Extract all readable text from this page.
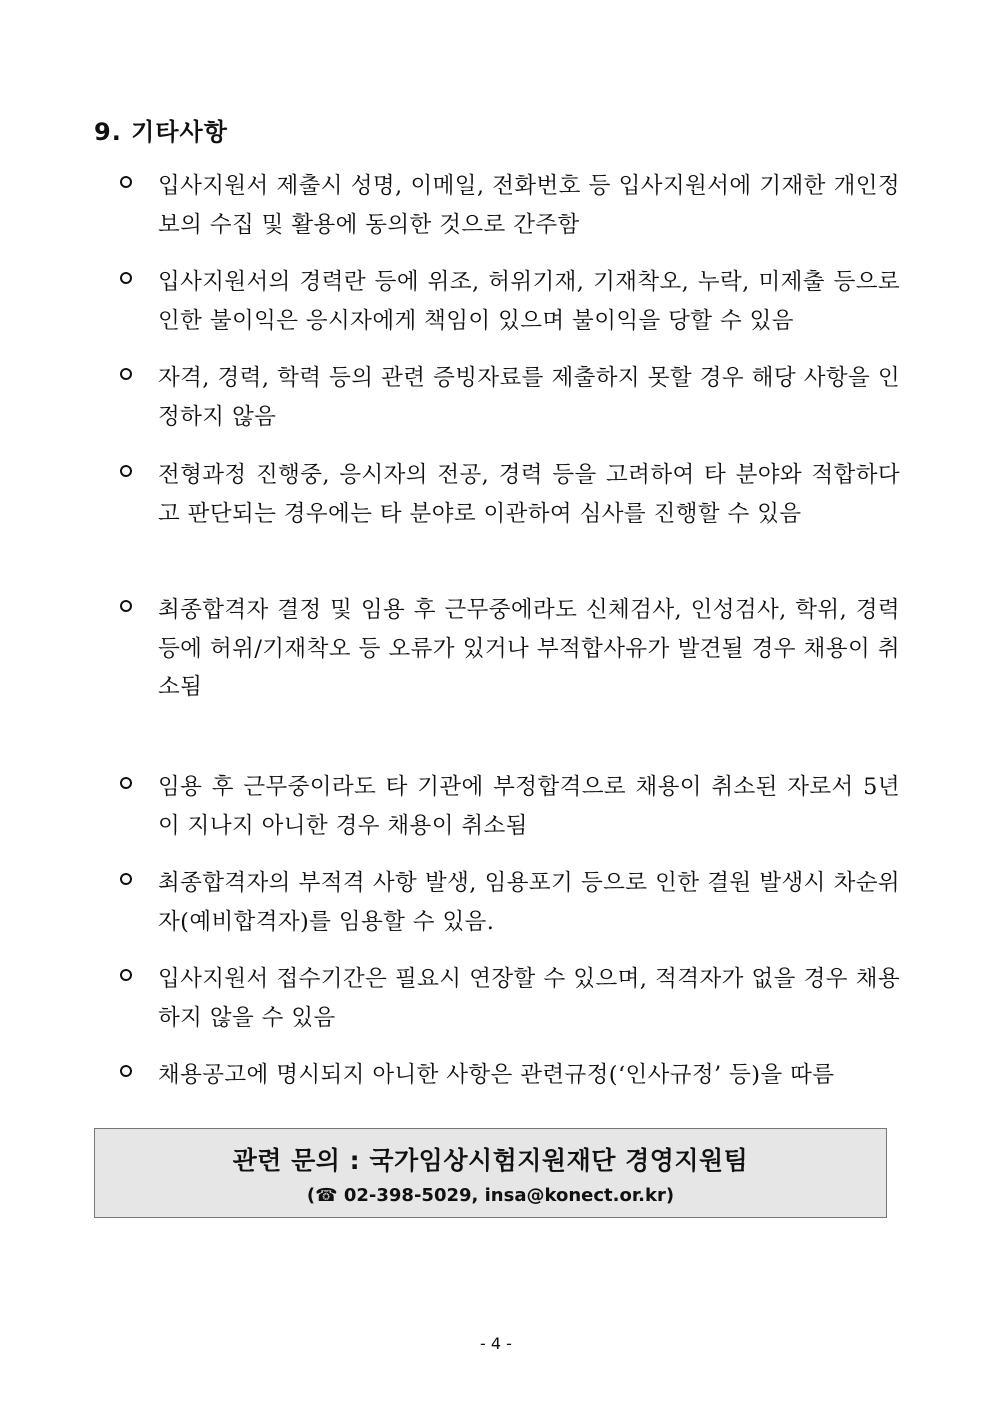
9. 기타사항
입사지원서 제출시 성명, 이메일, 전화번호 등 입사지원서에 기재한 개인정보의 수집 및 활용에 동의한 것으로 간주함
입사지원서의 경력란 등에 위조, 허위기재, 기재착오, 누락, 미제출 등으로 인한 불이익은 응시자에게 책임이 있으며 불이익을 당할 수 있음
자격, 경력, 학력 등의 관련 증빙자료를 제출하지 못할 경우 해당 사항을 인정하지 않음
전형과정 진행중, 응시자의 전공, 경력 등을 고려하여 타 분야와 적합하다고 판단되는 경우에는 타 분야로 이관하여 심사를 진행할 수 있음
최종합격자 결정 및 임용 후 근무중에라도 신체검사, 인성검사, 학위, 경력 등에 허위/기재착오 등 오류가 있거나 부적합사유가 발견될 경우 채용이 취소됨
임용 후 근무중이라도 타 기관에 부정합격으로 채용이 취소된 자로서 5년이 지나지 아니한 경우 채용이 취소됨
최종합격자의 부적격 사항 발생, 임용포기 등으로 인한 결원 발생시 차순위자(예비합격자)를 임용할 수 있음.
입사지원서 접수기간은 필요시 연장할 수 있으며, 적격자가 없을 경우 채용하지 않을 수 있음
채용공고에 명시되지 아니한 사항은 관련규정(‘인사규정’ 등)을 따름
관련 문의 : 국가임상시험지원재단 경영지원팀
(☎ 02-398-5029, insa@konect.or.kr)
- 4 -
